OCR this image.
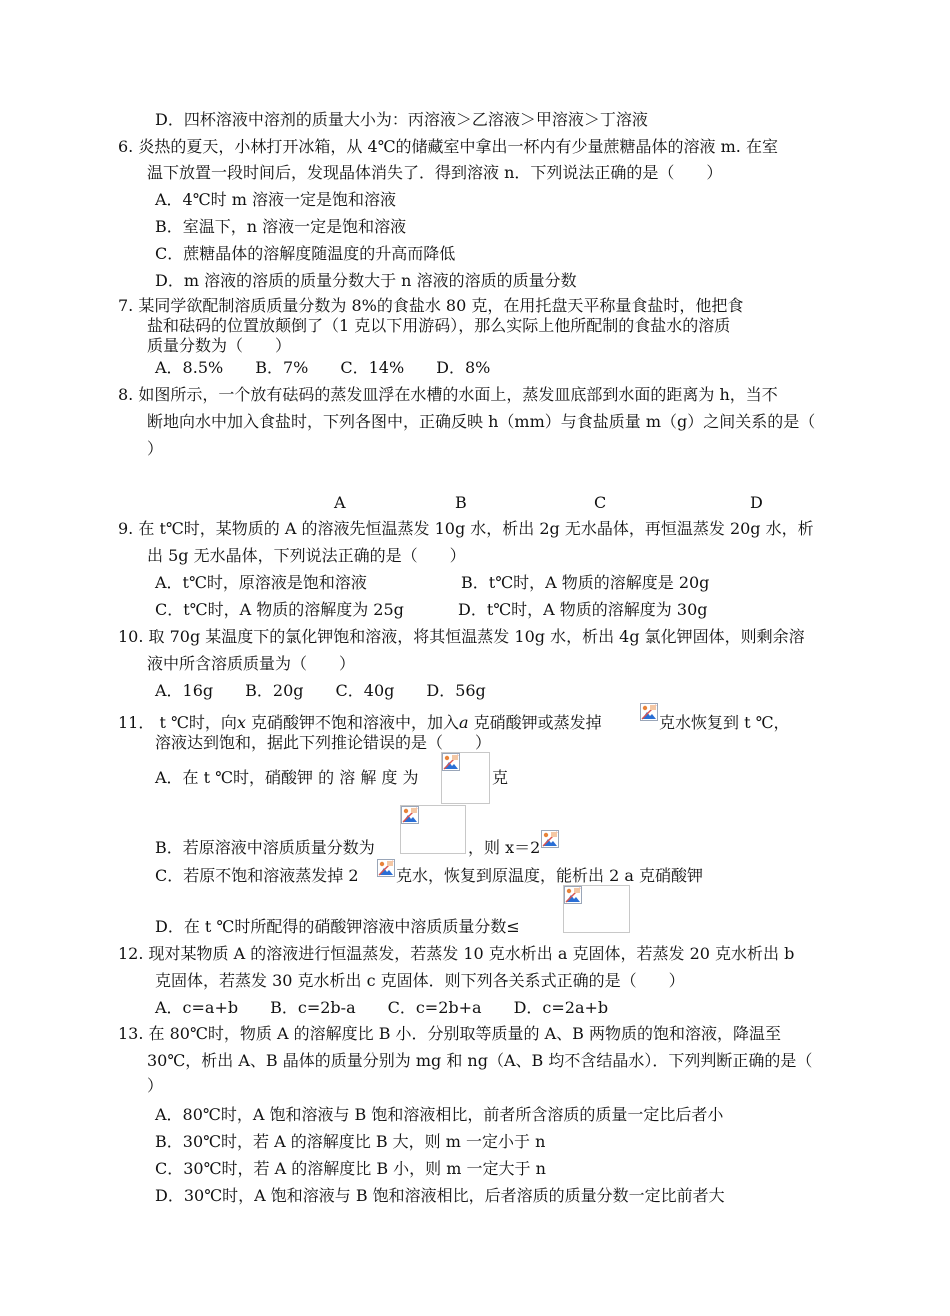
D．四杯溶液中溶剂的质量大小为：丙溶液＞乙溶液＞甲溶液＞丁溶液
6. 炎热的夏天，小林打开冰箱，从 4℃的储藏室中拿出一杯内有少量蔗糖晶体的溶液 m. 在室
温下放置一段时间后，发现晶体消失了．得到溶液 n．下列说法正确的是（　　）
A．4℃时 m 溶液一定是饱和溶液
B．室温下，n 溶液一定是饱和溶液
C．蔗糖晶体的溶解度随温度的升高而降低
D．m 溶液的溶质的质量分数大于 n 溶液的溶质的质量分数
7. 某同学欲配制溶质质量分数为 8%的食盐水 80 克，在用托盘天平称量食盐时，他把食
盐和砝码的位置放颠倒了（1 克以下用游码），那么实际上他所配制的食盐水的溶质
质量分数为（　　）
A．8.5%　　B．7%　　C．14%　　D．8%
8. 如图所示，一个放有砝码的蒸发皿浮在水槽的水面上，蒸发皿底部到水面的距离为 h，当不
断地向水中加入食盐时，下列各图中，正确反映 h（mm）与食盐质量 m（g）之间关系的是（
）
A	B	C	D
9. 在 t℃时，某物质的 A 的溶液先恒温蒸发 10g 水，析出 2g 无水晶体，再恒温蒸发 20g 水，析
出 5g 无水晶体，下列说法正确的是（　　）
A．t℃时，原溶液是饱和溶液	B．t℃时，A 物质的溶解度是 20g
C．t℃时，A 物质的溶解度为 25g	D．t℃时，A 物质的溶解度为 30g
10. 取 70g 某温度下的氯化钾饱和溶液，将其恒温蒸发 10g 水，析出 4g 氯化钾固体，则剩余溶
液中所含溶质质量为（　　）
A．16g　　B．20g　　C．40g　　D．56g
11． t ℃时，向x 克硝酸钾不饱和溶液中，加入a 克硝酸钾或蒸发掉	克水恢复到 t ℃，
溶液达到饱和，据此下列推论错误的是（　　）
A．在 t ℃时，硝酸钾 的 溶 解 度 为	克
B．若原溶液中溶质质量分数为	，则 x＝2
C．若原不饱和溶液蒸发掉 2 克水，恢复到原温度，能析出 2 a 克硝酸钾
D．在 t ℃时所配得的硝酸钾溶液中溶质质量分数≤
12. 现对某物质 A 的溶液进行恒温蒸发，若蒸发 10 克水析出 a 克固体，若蒸发 20 克水析出 b
克固体，若蒸发 30 克水析出 c 克固体．则下列各关系式正确的是（　　）
A．c=a+b　　B．c=2b-a　　C．c=2b+a　　D．c=2a+b
13. 在 80℃时，物质 A 的溶解度比 B 小．分别取等质量的 A、B 两物质的饱和溶液，降温至
30℃，析出 A、B 晶体的质量分别为 mg 和 ng（A、B 均不含结晶水）．下列判断正确的是（
）
A．80℃时，A 饱和溶液与 B 饱和溶液相比，前者所含溶质的质量一定比后者小
B．30℃时，若 A 的溶解度比 B 大，则 m 一定小于 n
C．30℃时，若 A 的溶解度比 B 小，则 m 一定大于 n
D．30℃时，A 饱和溶液与 B 饱和溶液相比，后者溶质的质量分数一定比前者大
